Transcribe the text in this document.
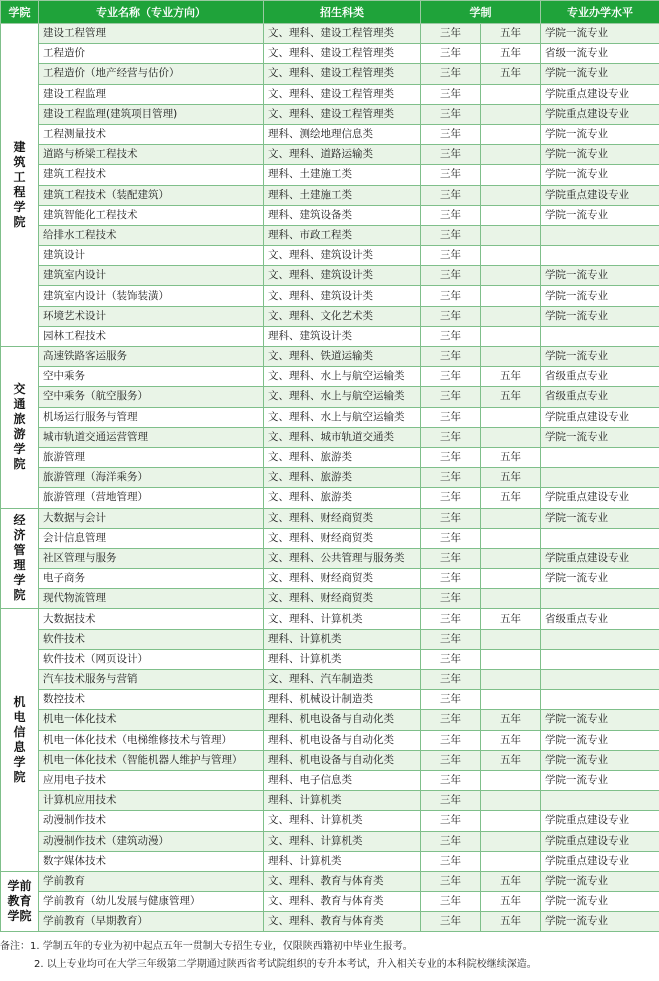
学院	专业名称（专业方向）	招生科类	学制		专业办学水平
建筑工程学院	建设工程管理	文、理科、建设工程管理类	三年	五年	学院一流专业
	工程造价	文、理科、建设工程管理类	三年	五年	省级一流专业
	工程造价（地产经营与估价）	文、理科、建设工程管理类	三年	五年	学院一流专业
	建设工程监理	文、理科、建设工程管理类	三年		学院重点建设专业
	建设工程监理(建筑项目管理)	文、理科、建设工程管理类	三年		学院重点建设专业
	工程测量技术	理科、测绘地理信息类	三年		学院一流专业
	道路与桥梁工程技术	文、理科、道路运输类	三年		学院一流专业
	建筑工程技术	理科、土建施工类	三年		学院一流专业
	建筑工程技术（装配建筑）	理科、土建施工类	三年		学院重点建设专业
	建筑智能化工程技术	理科、建筑设备类	三年		学院一流专业
	给排水工程技术	理科、市政工程类	三年		
	建筑设计	文、理科、建筑设计类	三年		
	建筑室内设计	文、理科、建筑设计类	三年		学院一流专业
	建筑室内设计（装饰装潢）	文、理科、建筑设计类	三年		学院一流专业
	环境艺术设计	文、理科、文化艺术类	三年		学院一流专业
	园林工程技术	理科、建筑设计类	三年		
交通旅游学院	高速铁路客运服务	文、理科、铁道运输类	三年		学院一流专业
	空中乘务	文、理科、水上与航空运输类	三年	五年	省级重点专业
	空中乘务（航空服务）	文、理科、水上与航空运输类	三年	五年	省级重点专业
	机场运行服务与管理	文、理科、水上与航空运输类	三年		学院重点建设专业
	城市轨道交通运营管理	文、理科、城市轨道交通类	三年		学院一流专业
	旅游管理	文、理科、旅游类	三年	五年	
	旅游管理（海洋乘务）	文、理科、旅游类	三年	五年	
	旅游管理（营地管理）	文、理科、旅游类	三年	五年	学院重点建设专业
经济管理学院	大数据与会计	文、理科、财经商贸类	三年		学院一流专业
	会计信息管理	文、理科、财经商贸类	三年		
	社区管理与服务	文、理科、公共管理与服务类	三年		学院重点建设专业
	电子商务	文、理科、财经商贸类	三年		学院一流专业
	现代物流管理	文、理科、财经商贸类	三年		
机电信息学院	大数据技术	文、理科、计算机类	三年	五年	省级重点专业
	软件技术	理科、计算机类	三年		
	软件技术（网页设计）	理科、计算机类	三年		
	汽车技术服务与营销	文、理科、汽车制造类	三年		
	数控技术	理科、机械设计制造类	三年		
	机电一体化技术	理科、机电设备与自动化类	三年	五年	学院一流专业
	机电一体化技术（电梯维修技术与管理）	理科、机电设备与自动化类	三年	五年	学院一流专业
	机电一体化技术（智能机器人维护与管理）	理科、机电设备与自动化类	三年	五年	学院一流专业
	应用电子技术	理科、电子信息类	三年		学院一流专业
	计算机应用技术	理科、计算机类	三年		
	动漫制作技术	文、理科、计算机类	三年		学院重点建设专业
	动漫制作技术（建筑动漫）	文、理科、计算机类	三年		学院重点建设专业
	数字媒体技术	理科、计算机类	三年		学院重点建设专业
学前教育学院	学前教育	文、理科、教育与体育类	三年	五年	学院一流专业
	学前教育（幼儿发展与健康管理）	文、理科、教育与体育类	三年	五年	学院一流专业
	学前教育（早期教育）	文、理科、教育与体育类	三年	五年	学院一流专业
备注：1. 学制五年的专业为初中起点五年一贯制大专招生专业，仅限陕西籍初中毕业生报考。
2. 以上专业均可在大学三年级第二学期通过陕西省考试院组织的专升本考试，升入相关专业的本科院校继续深造。
